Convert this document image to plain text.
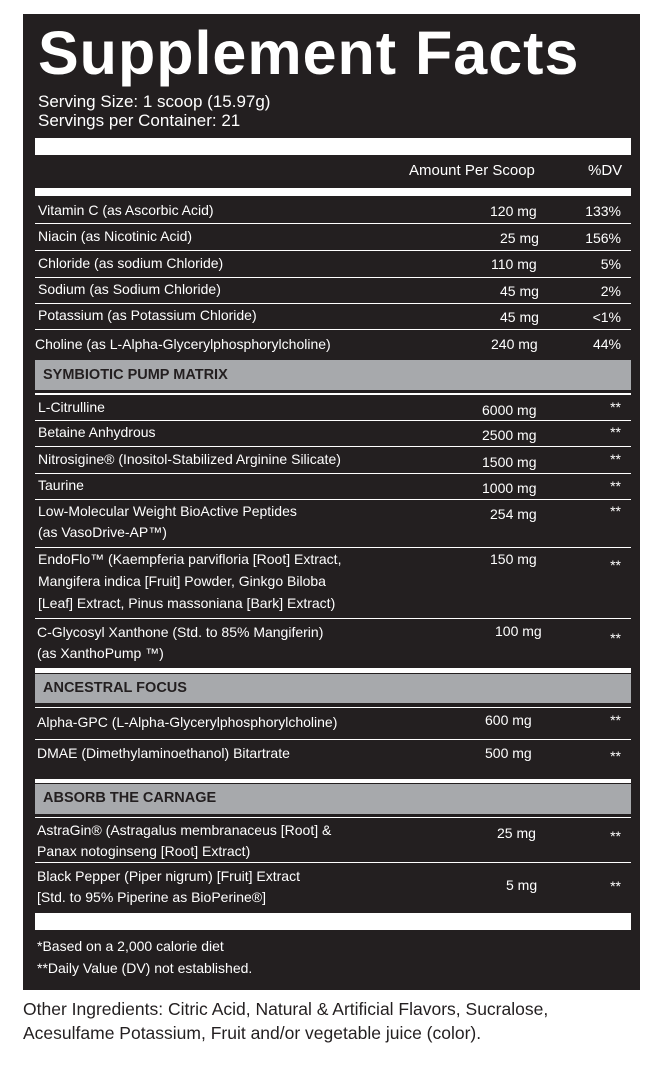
Supplement Facts
Serving Size: 1 scoop (15.97g)
Servings per Container: 21
Amount Per Scoop	%DV
Vitamin C (as Ascorbic Acid)	120 mg	133%
Niacin (as Nicotinic Acid)	25 mg	156%
Chloride (as sodium Chloride)	110 mg	5%
Sodium (as Sodium Chloride)	45 mg	2%
Potassium (as Potassium Chloride)	45 mg	<1%
Choline (as L-Alpha-Glycerylphosphorylcholine)	240 mg	44%
SYMBIOTIC PUMP MATRIX
L-Citrulline	6000 mg	**
Betaine Anhydrous	2500 mg	**
Nitrosigine® (Inositol-Stabilized Arginine Silicate)	1500 mg	**
Taurine	1000 mg	**
Low-Molecular Weight BioActive Peptides
(as VasoDrive-AP™)
254 mg	**
EndoFlo™ (Kaempferia parvifloria [Root] Extract,
Mangifera indica [Fruit] Powder, Ginkgo Biloba
[Leaf] Extract, Pinus massoniana [Bark] Extract)
150 mg	**
C-Glycosyl Xanthone (Std. to 85% Mangiferin)
(as XanthoPump ™)
100 mg	**
ANCESTRAL FOCUS
Alpha-GPC (L-Alpha-Glycerylphosphorylcholine)	600 mg	**
DMAE (Dimethylaminoethanol) Bitartrate	500 mg	**
ABSORB THE CARNAGE
AstraGin® (Astragalus membranaceus [Root] &
Panax notoginseng [Root] Extract)
25 mg	**
Black Pepper (Piper nigrum) [Fruit] Extract
[Std. to 95% Piperine as BioPerine®]
5 mg	**
*Based on a 2,000 calorie diet
**Daily Value (DV) not established.
Other Ingredients: Citric Acid, Natural & Artificial Flavors, Sucralose, Acesulfame Potassium, Fruit and/or vegetable juice (color).
